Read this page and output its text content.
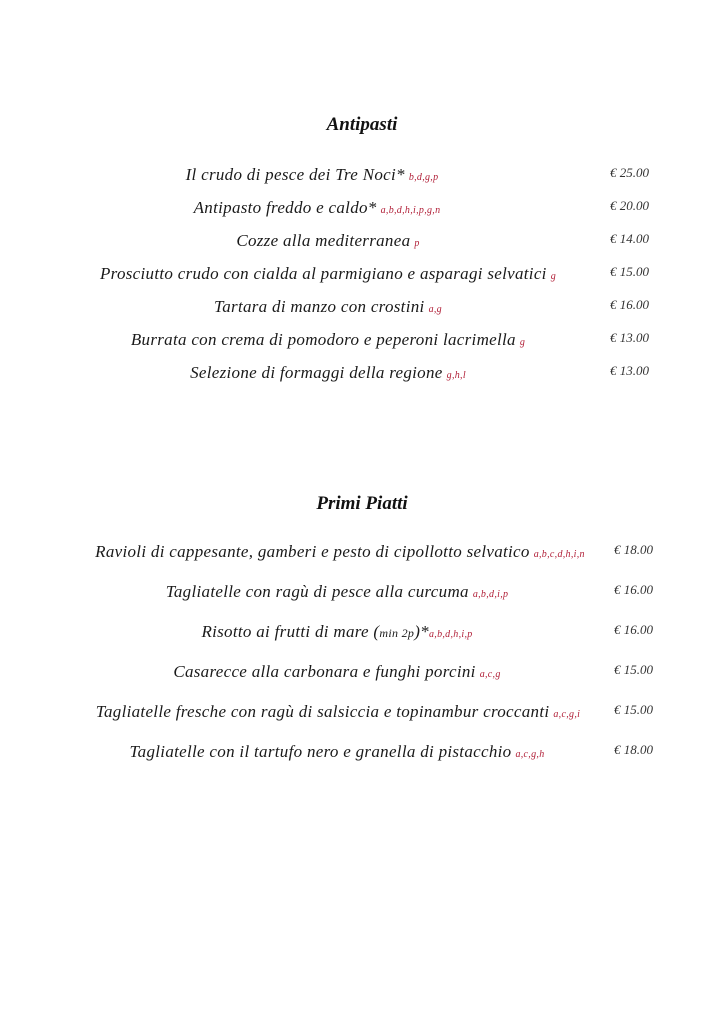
Antipasti
Il crudo di pesce dei Tre Noci* b,d,g,p	€ 25.00
Antipasto freddo e caldo* a,b,d,h,i,p,g,n	€ 20.00
Cozze alla mediterranea p	€ 14.00
Prosciutto crudo con cialda al parmigiano e asparagi selvatici g	€ 15.00
Tartara di manzo con crostini a,g	€ 16.00
Burrata con crema di pomodoro e peperoni lacrimella g	€ 13.00
Selezione di formaggi della regione g,h,l	€ 13.00
Primi Piatti
Ravioli di cappesante, gamberi e pesto di cipollotto selvatico a,b,c,d,h,i,n	€ 18.00
Tagliatelle con ragù di pesce alla curcuma a,b,d,i,p	€ 16.00
Risotto ai frutti di mare (min 2p)*a,b,d,h,i,p	€ 16.00
Casarecce alla carbonara e funghi porcini a,c,g	€ 15.00
Tagliatelle fresche con ragù di salsiccia e topinambur croccanti a,c,g,i	€ 15.00
Tagliatelle con il tartufo nero e granella di pistacchio a,c,g,h	€ 18.00
